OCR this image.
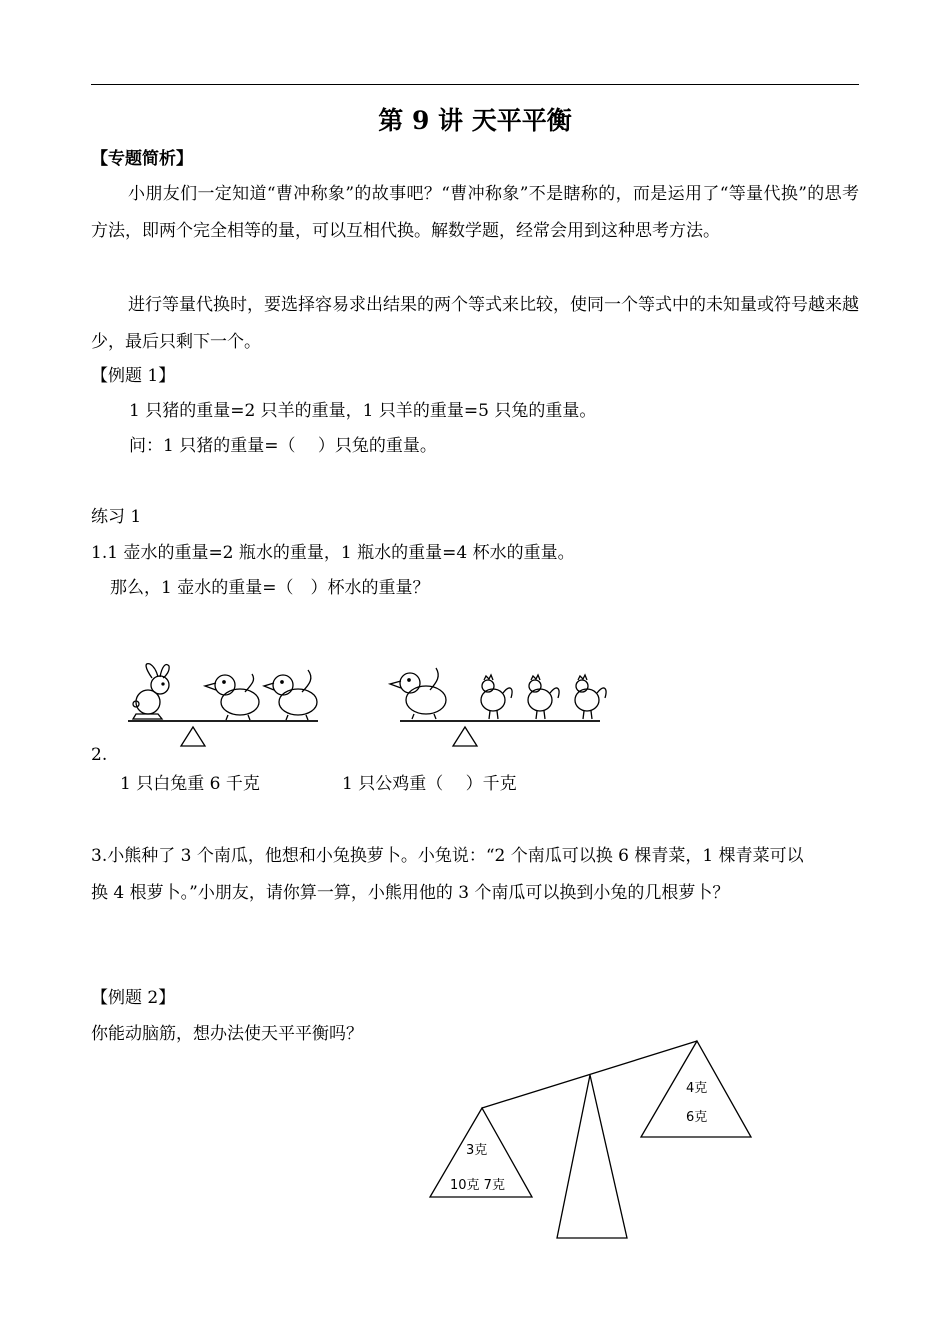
第 9 讲 天平平衡
【专题简析】
小朋友们一定知道“曹冲称象”的故事吧？“曹冲称象”不是瞎称的，而是运用了“等量代换”的思考方法，即两个完全相等的量，可以互相代换。解数学题，经常会用到这种思考方法。
进行等量代换时，要选择容易求出结果的两个等式来比较，使同一个等式中的未知量或符号越来越少，最后只剩下一个。
【例题 1】
1 只猪的重量=2 只羊的重量，1 只羊的重量=5 只兔的重量。
问：1 只猪的重量=（　 ）只兔的重量。
练习 1
1.1 壶水的重量=2 瓶水的重量，1 瓶水的重量=4 杯水的重量。
那么，1 壶水的重量=（　）杯水的重量？
2.
1 只白兔重 6 千克	1 只公鸡重（　 ）千克
3.小熊种了 3 个南瓜，他想和小兔换萝卜。小兔说：“2 个南瓜可以换 6 棵青菜，1 棵青菜可以
换 4 根萝卜。”小朋友，请你算一算，小熊用他的 3 个南瓜可以换到小兔的几根萝卜？
【例题 2】
你能动脑筋，想办法使天平平衡吗？
3克
10克 7克
4克
6克
